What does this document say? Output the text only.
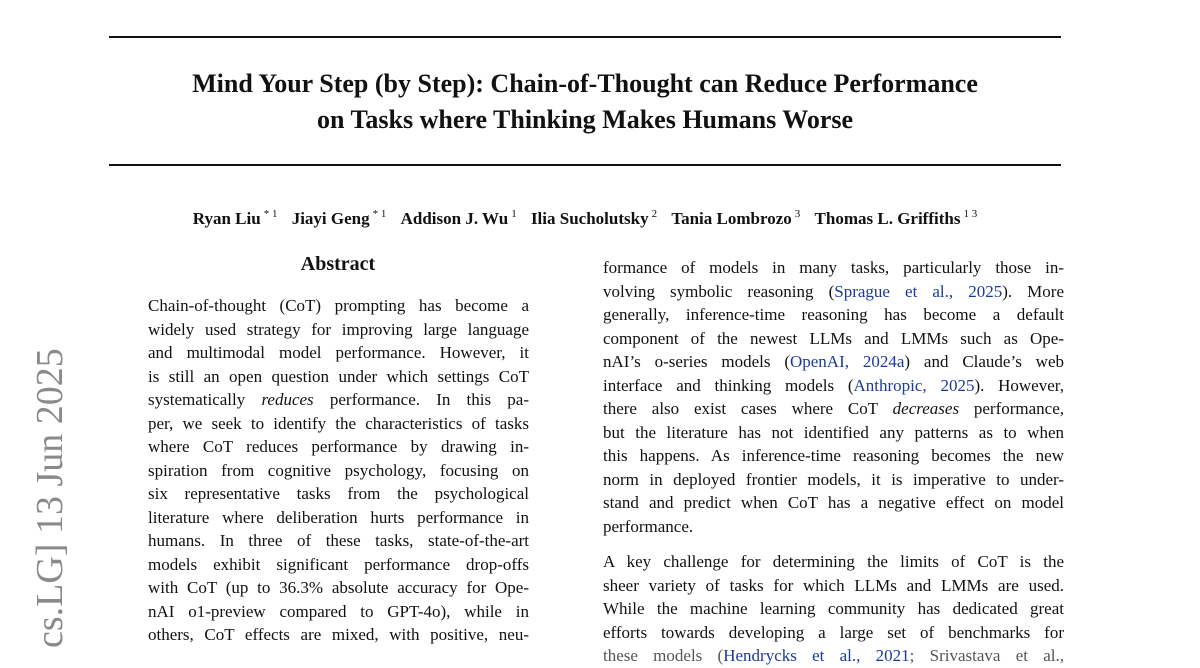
Mind Your Step (by Step): Chain-of-Thought can Reduce Performance
on Tasks where Thinking Makes Humans Worse
Ryan Liu $^{* 1}$ Jiayi Geng $^{* 1}$ Addison J. Wu $^1$ Ilia Sucholutsky $^2$ Tania Lombrozo $^3$ Thomas L. Griffiths $^{1 3}$
cs.LG] 13 Jun 2025
Abstract
Chain-of-thought (CoT) prompting has become a
widely used strategy for improving large language
and multimodal model performance. However, it
is still an open question under which settings CoT
systematically reduces performance. In this pa-
per, we seek to identify the characteristics of tasks
where CoT reduces performance by drawing in-
spiration from cognitive psychology, focusing on
six representative tasks from the psychological
literature where deliberation hurts performance in
humans. In three of these tasks, state-of-the-art
models exhibit significant performance drop-offs
with CoT (up to 36.3% absolute accuracy for Ope-
nAI o1-preview compared to GPT-4o), while in
others, CoT effects are mixed, with positive, neu-
formance of models in many tasks, particularly those in-
volving symbolic reasoning (Sprague et al., 2025). More
generally, inference-time reasoning has become a default
component of the newest LLMs and LMMs such as Ope-
nAI’s o-series models (OpenAI, 2024a) and Claude’s web
interface and thinking models (Anthropic, 2025). However,
there also exist cases where CoT decreases performance,
but the literature has not identified any patterns as to when
this happens. As inference-time reasoning becomes the new
norm in deployed frontier models, it is imperative to under-
stand and predict when CoT has a negative effect on model
performance.
A key challenge for determining the limits of CoT is the
sheer variety of tasks for which LLMs and LMMs are used.
While the machine learning community has dedicated great
efforts towards developing a large set of benchmarks for
these models (Hendrycks et al., 2021; Srivastava et al.,
